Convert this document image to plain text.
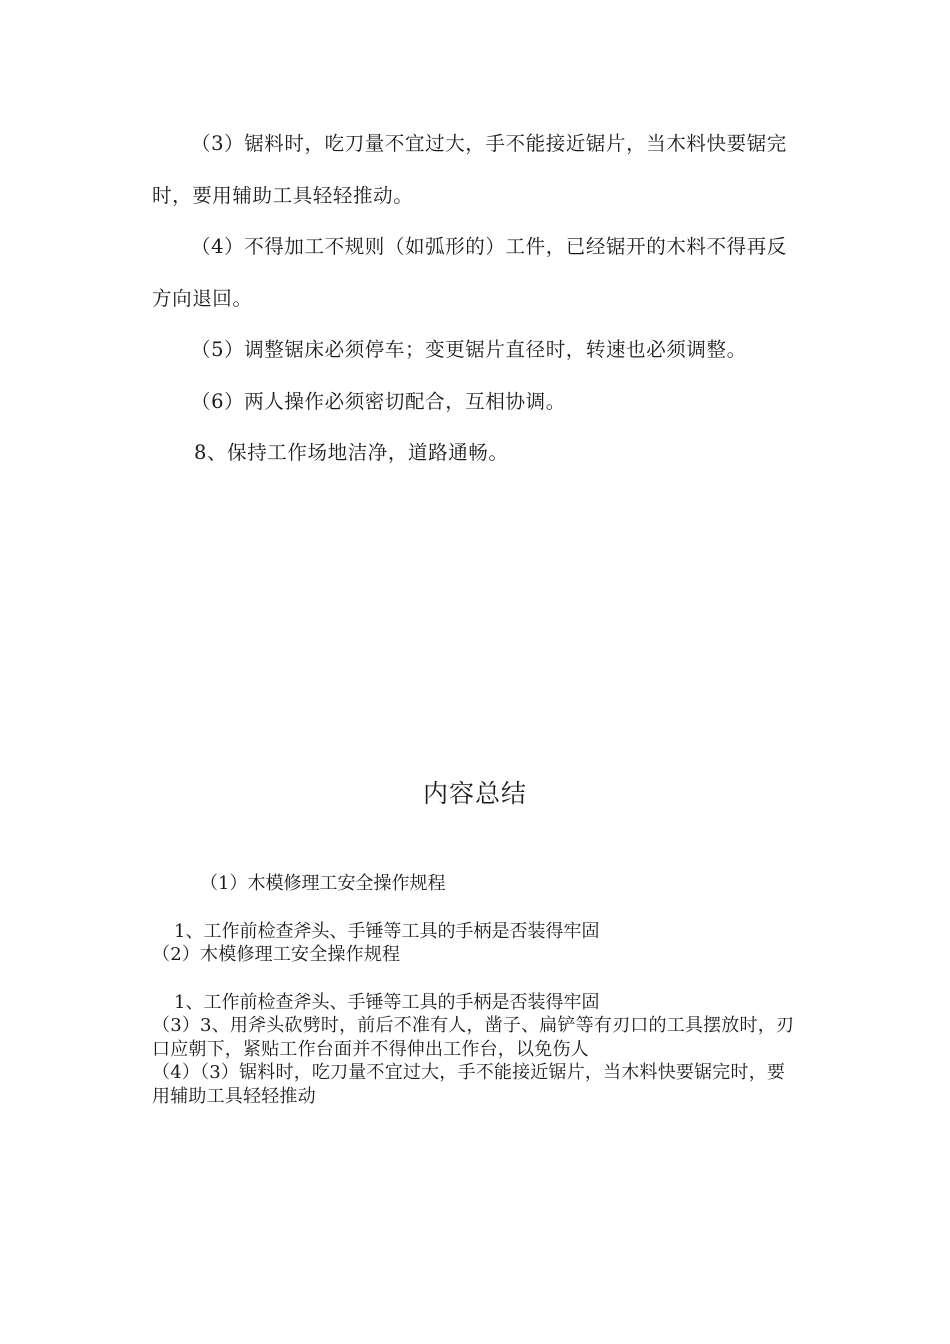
（3）锯料时，吃刀量不宜过大，手不能接近锯片，当木料快要锯完时，要用辅助工具轻轻推动。

（4）不得加工不规则（如弧形的）工件，已经锯开的木料不得再反方向退回。

（5）调整锯床必须停车；变更锯片直径时，转速也必须调整。

（6）两人操作必须密切配合，互相协调。

8、保持工作场地洁净，道路通畅。

内容总结

（1）木模修理工安全操作规程

1、工作前检查斧头、手锤等工具的手柄是否装得牢固

（2）木模修理工安全操作规程

1、工作前检查斧头、手锤等工具的手柄是否装得牢固

（3）3、用斧头砍劈时，前后不准有人，凿子、扁铲等有刃口的工具摆放时，刃口应朝下，紧贴工作台面并不得伸出工作台，以免伤人

（4）（3）锯料时，吃刀量不宜过大，手不能接近锯片，当木料快要锯完时，要用辅助工具轻轻推动
